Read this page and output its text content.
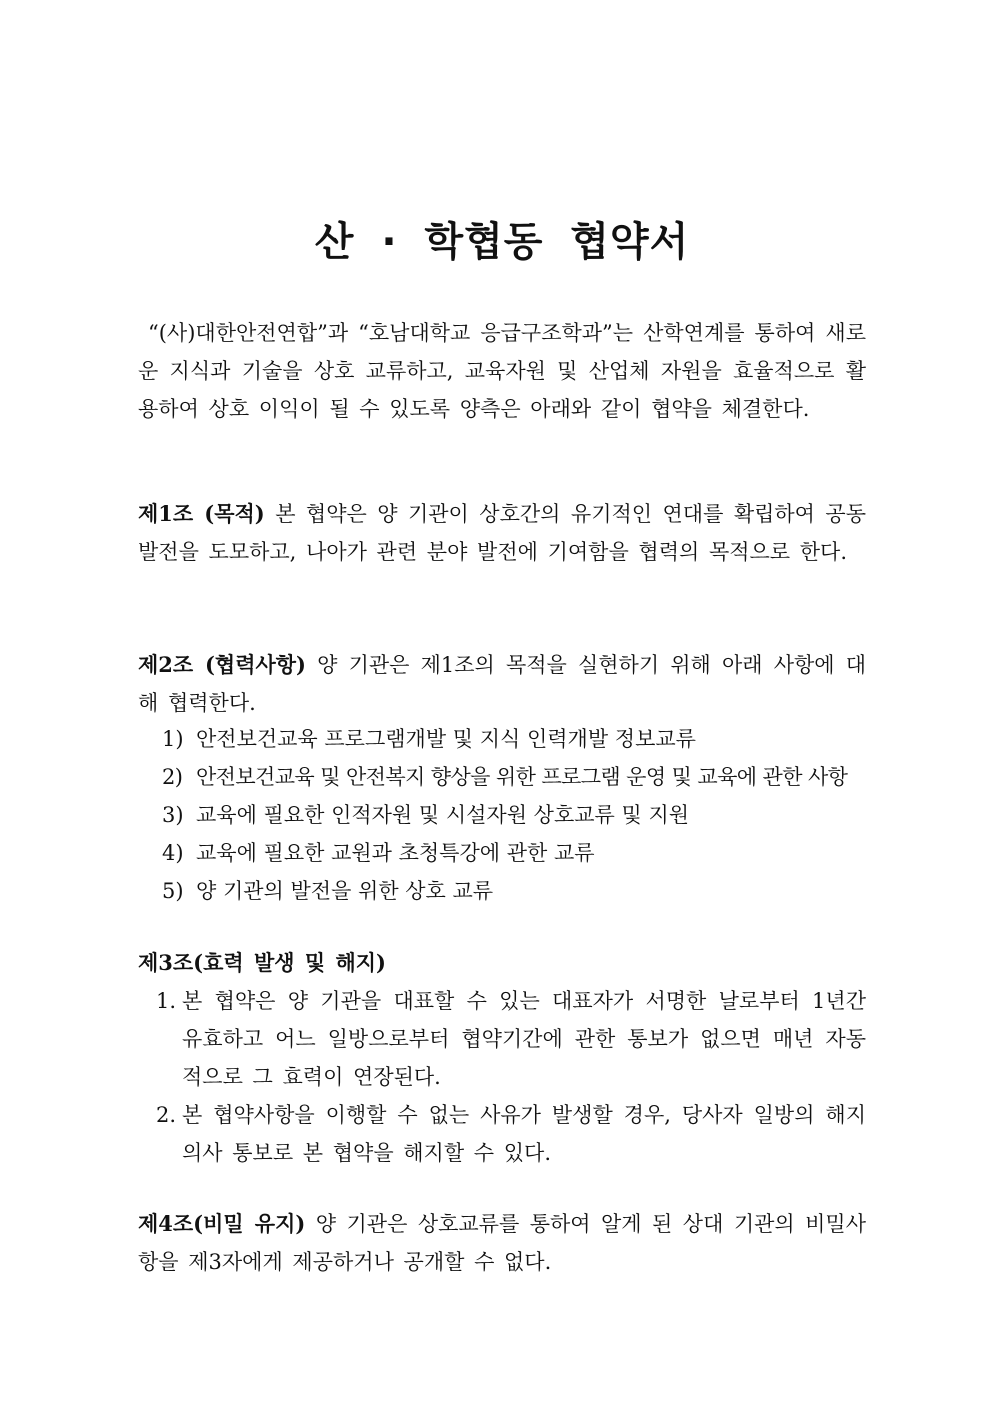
산 · 학협동 협약서
“(사)대한안전연합”과 “호남대학교 응급구조학과”는 산학연계를 통하여 새로운 지식과 기술을 상호 교류하고, 교육자원 및 산업체 자원을 효율적으로 활용하여 상호 이익이 될 수 있도록 양측은 아래와 같이 협약을 체결한다.
제1조 (목적) 본 협약은 양 기관이 상호간의 유기적인 연대를 확립하여 공동발전을 도모하고, 나아가 관련 분야 발전에 기여함을 협력의 목적으로 한다.
제2조 (협력사항) 양 기관은 제1조의 목적을 실현하기 위해 아래 사항에 대해 협력한다.
1) 안전보건교육 프로그램개발 및 지식 인력개발 정보교류
2) 안전보건교육 및 안전복지 향상을 위한 프로그램 운영 및 교육에 관한 사항
3) 교육에 필요한 인적자원 및 시설자원 상호교류 및 지원
4) 교육에 필요한 교원과 초청특강에 관한 교류
5) 양 기관의 발전을 위한 상호 교류
제3조(효력 발생 및 해지)
1. 본 협약은 양 기관을 대표할 수 있는 대표자가 서명한 날로부터 1년간 유효하고 어느 일방으로부터 협약기간에 관한 통보가 없으면 매년 자동적으로 그 효력이 연장된다.
2. 본 협약사항을 이행할 수 없는 사유가 발생할 경우, 당사자 일방의 해지의사 통보로 본 협약을 해지할 수 있다.
제4조(비밀 유지) 양 기관은 상호교류를 통하여 알게 된 상대 기관의 비밀사항을 제3자에게 제공하거나 공개할 수 없다.
